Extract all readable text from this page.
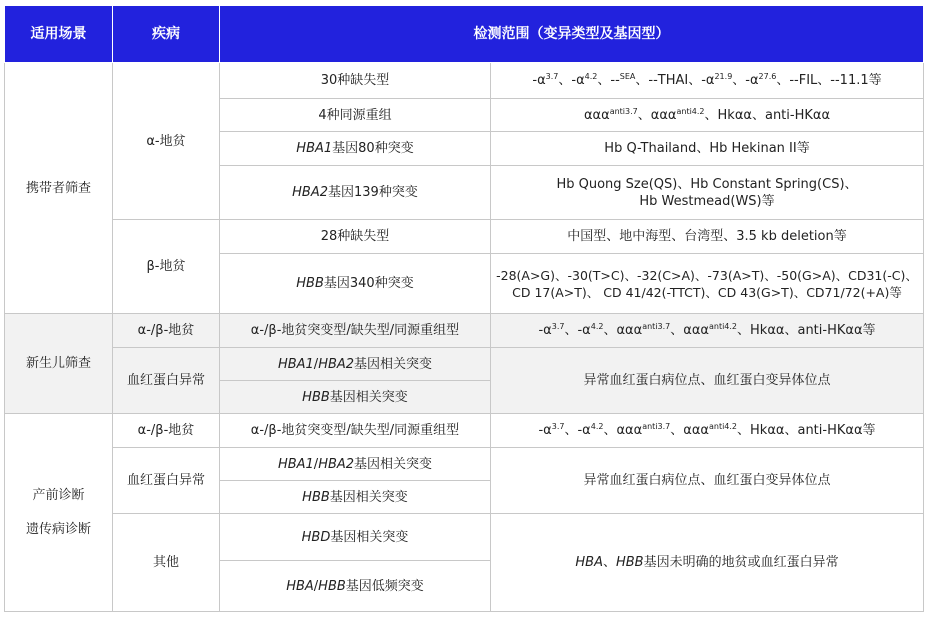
适用场景	疾病	检测范围（变异类型及基因型）	
携带者筛查	α-地贫	30种缺失型	$-\alpha^{3.7}$、$-\alpha^{4.2}$、--$^{SEA}$、--THAI、$-\alpha^{21.9}$、$-\alpha^{27.6}$、--FIL、--11.1等
		4种同源重组	ααα$^{anti3.7}$、ααα$^{anti4.2}$、Hkαα、anti-HKαα
		HBA1基因80种突变	Hb Q-Thailand、Hb Hekinan II等
		HBA2基因139种突变	Hb Quong Sze(QS)、Hb Constant Spring(CS)、
Hb Westmead(WS)等
	β-地贫	28种缺失型	中国型、地中海型、台湾型、3.5 kb deletion等
		HBB基因340种突变	-28(A>G)、-30(T>C)、-32(C>A)、-73(A>T)、-50(G>A)、CD31(-C)、
CD 17(A>T)、 CD 41/42(-TTCT)、CD 43(G>T)、CD71/72(+A)等
新生儿筛查	α-/β-地贫	α-/β-地贫突变型/缺失型/同源重组型	$-\alpha^{3.7}$、$-\alpha^{4.2}$、ααα$^{anti3.7}$、ααα$^{anti4.2}$、Hkαα、anti-HKαα等
	血红蛋白异常	HBA1/HBA2基因相关突变	异常血红蛋白病位点、血红蛋白变异体位点
		HBB基因相关突变	
产前诊断

遗传病诊断	α-/β-地贫	α-/β-地贫突变型/缺失型/同源重组型	$-\alpha^{3.7}$、$-\alpha^{4.2}$、ααα$^{anti3.7}$、ααα$^{anti4.2}$、Hkαα、anti-HKαα等
	血红蛋白异常	HBA1/HBA2基因相关突变	异常血红蛋白病位点、血红蛋白变异体位点
		HBB基因相关突变	
	其他	HBD基因相关突变	HBA、HBB基因未明确的地贫或血红蛋白异常
		HBA/HBB基因低频突变	
